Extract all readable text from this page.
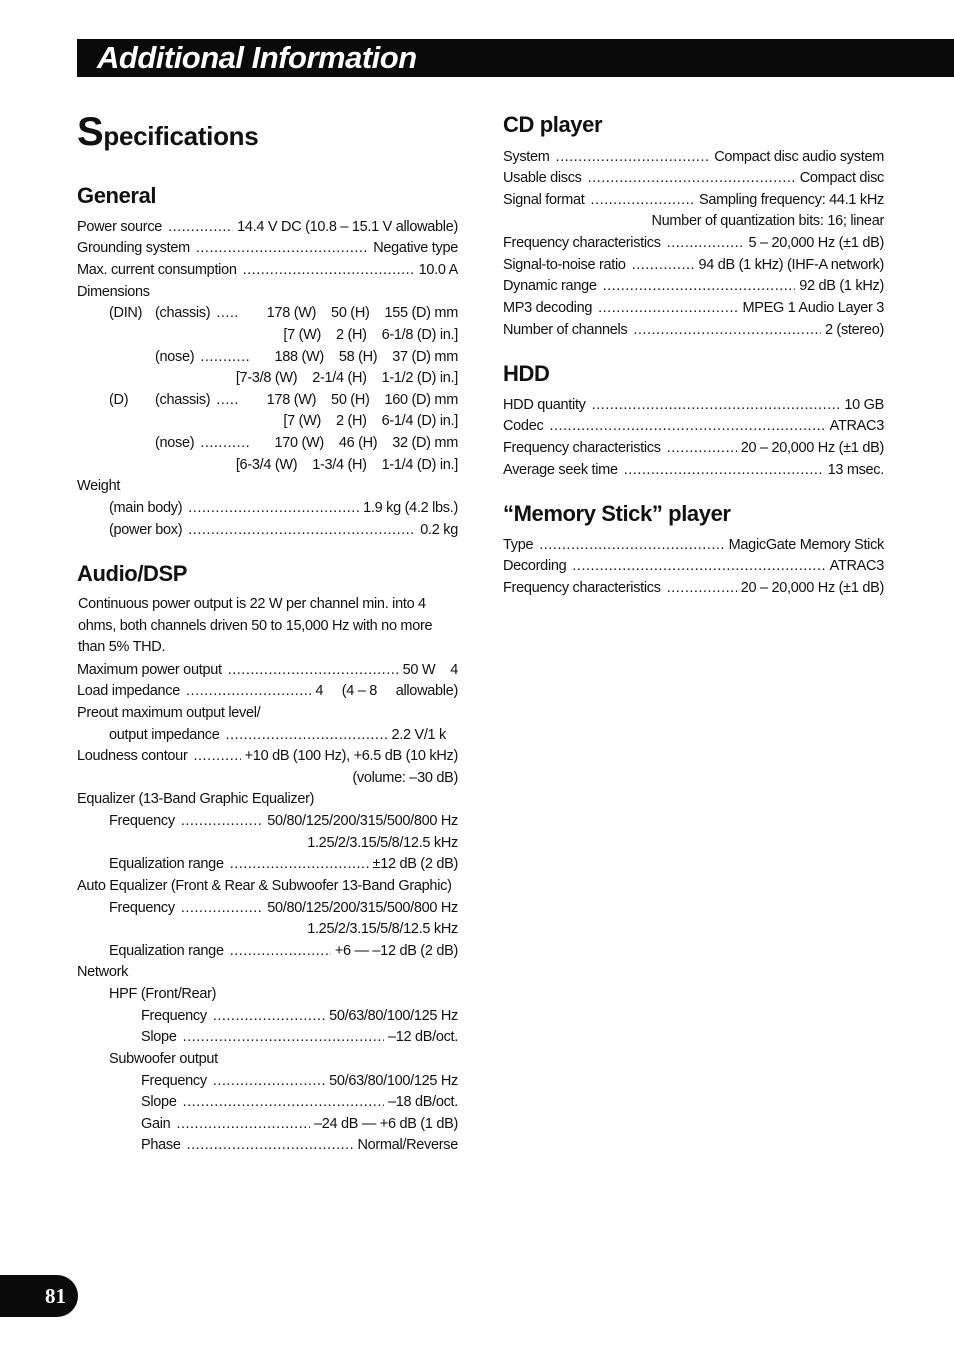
Additional Information
Specifications
General
Power source .....	14.4 V DC (10.8 – 15.1 V allowable)
Grounding system .....	Negative type
Max. current consumption .....	10.0 A
Dimensions
(DIN) (chassis) .....	178 (W)    50 (H)    155 (D) mm
[7 (W)    2 (H)    6-1/8 (D) in.]
(nose) .....	188 (W)    58 (H)    37 (D) mm
[7-3/8 (W)    2-1/4 (H)    1-1/2 (D) in.]
(D) (chassis) .....	178 (W)    50 (H)    160 (D) mm
[7 (W)    2 (H)    6-1/4 (D) in.]
(nose) .....	170 (W)    46 (H)    32 (D) mm
[6-3/4 (W)    1-3/4 (H)    1-1/4 (D) in.]
Weight
(main body) .....	1.9 kg (4.2 lbs.)
(power box) .....	0.2 kg
Audio/DSP
Continuous power output is 22 W per channel min. into 4 ohms, both channels driven 50 to 15,000 Hz with no more than 5% THD.
Maximum power output .....	50 W    4
Load impedance .....	4     (4 – 8     allowable)
Preout maximum output level/
output impedance .....	2.2 V/1 k
Loudness contour .....	+10 dB (100 Hz), +6.5 dB (10 kHz)
(volume: –30 dB)
Equalizer (13-Band Graphic Equalizer)
Frequency .....	50/80/125/200/315/500/800 Hz
1.25/2/3.15/5/8/12.5 kHz
Equalization range .....	±12 dB (2 dB)
Auto Equalizer (Front & Rear & Subwoofer 13-Band Graphic)
Frequency .....	50/80/125/200/315/500/800 Hz
1.25/2/3.15/5/8/12.5 kHz
Equalization range .....	+6 — –12 dB (2 dB)
Network
HPF (Front/Rear)
Frequency .....	50/63/80/100/125 Hz
Slope .....	–12 dB/oct.
Subwoofer output
Frequency .....	50/63/80/100/125 Hz
Slope .....	–18 dB/oct.
Gain .....	–24 dB — +6 dB (1 dB)
Phase .....	Normal/Reverse
CD player
System .....	Compact disc audio system
Usable discs .....	Compact disc
Signal format .....	Sampling frequency: 44.1 kHz
Number of quantization bits: 16; linear
Frequency characteristics .....	5 – 20,000 Hz (±1 dB)
Signal-to-noise ratio .....	94 dB (1 kHz) (IHF-A network)
Dynamic range .....	92 dB (1 kHz)
MP3 decoding .....	MPEG 1 Audio Layer 3
Number of channels .....	2 (stereo)
HDD
HDD quantity .....	10 GB
Codec .....	ATRAC3
Frequency characteristics .....	20 – 20,000 Hz (±1 dB)
Average seek time .....	13 msec.
“Memory Stick” player
Type .....	MagicGate Memory Stick
Decording .....	ATRAC3
Frequency characteristics .....	20 – 20,000 Hz (±1 dB)
81
